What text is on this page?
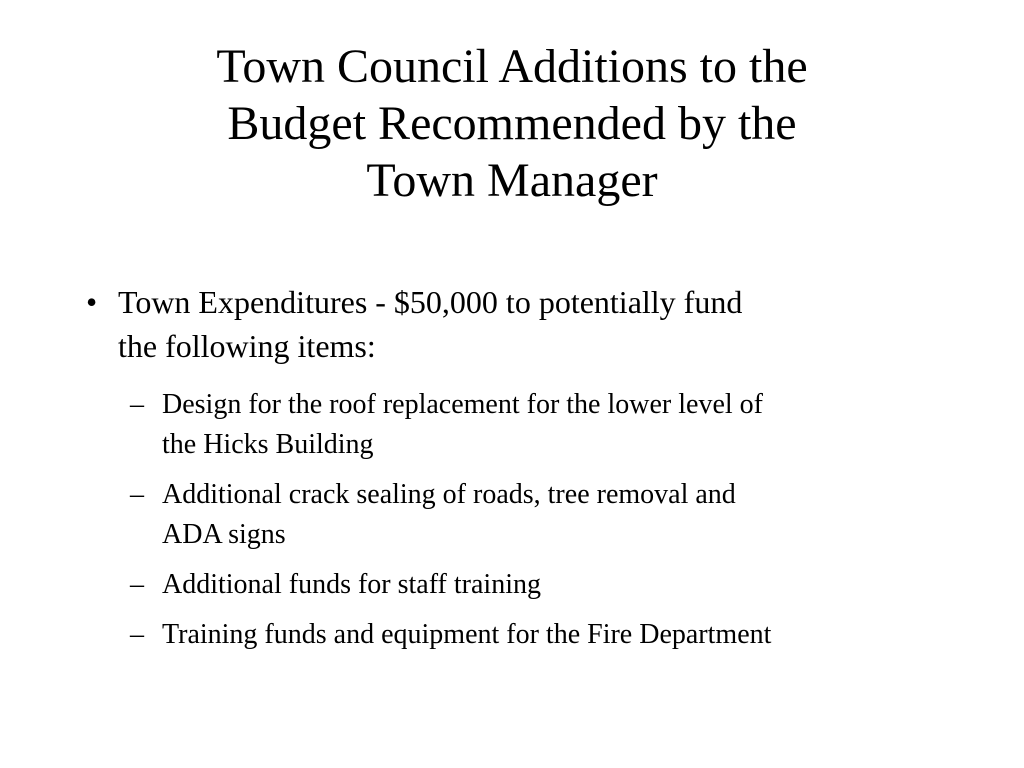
Town Council Additions to the
Budget Recommended by the
Town Manager
• Town Expenditures - $50,000 to potentially fund
the following items:
– Design for the roof replacement for the lower level of
the Hicks Building
– Additional crack sealing of roads, tree removal and
ADA signs
– Additional funds for staff training
– Training funds and equipment for the Fire Department
